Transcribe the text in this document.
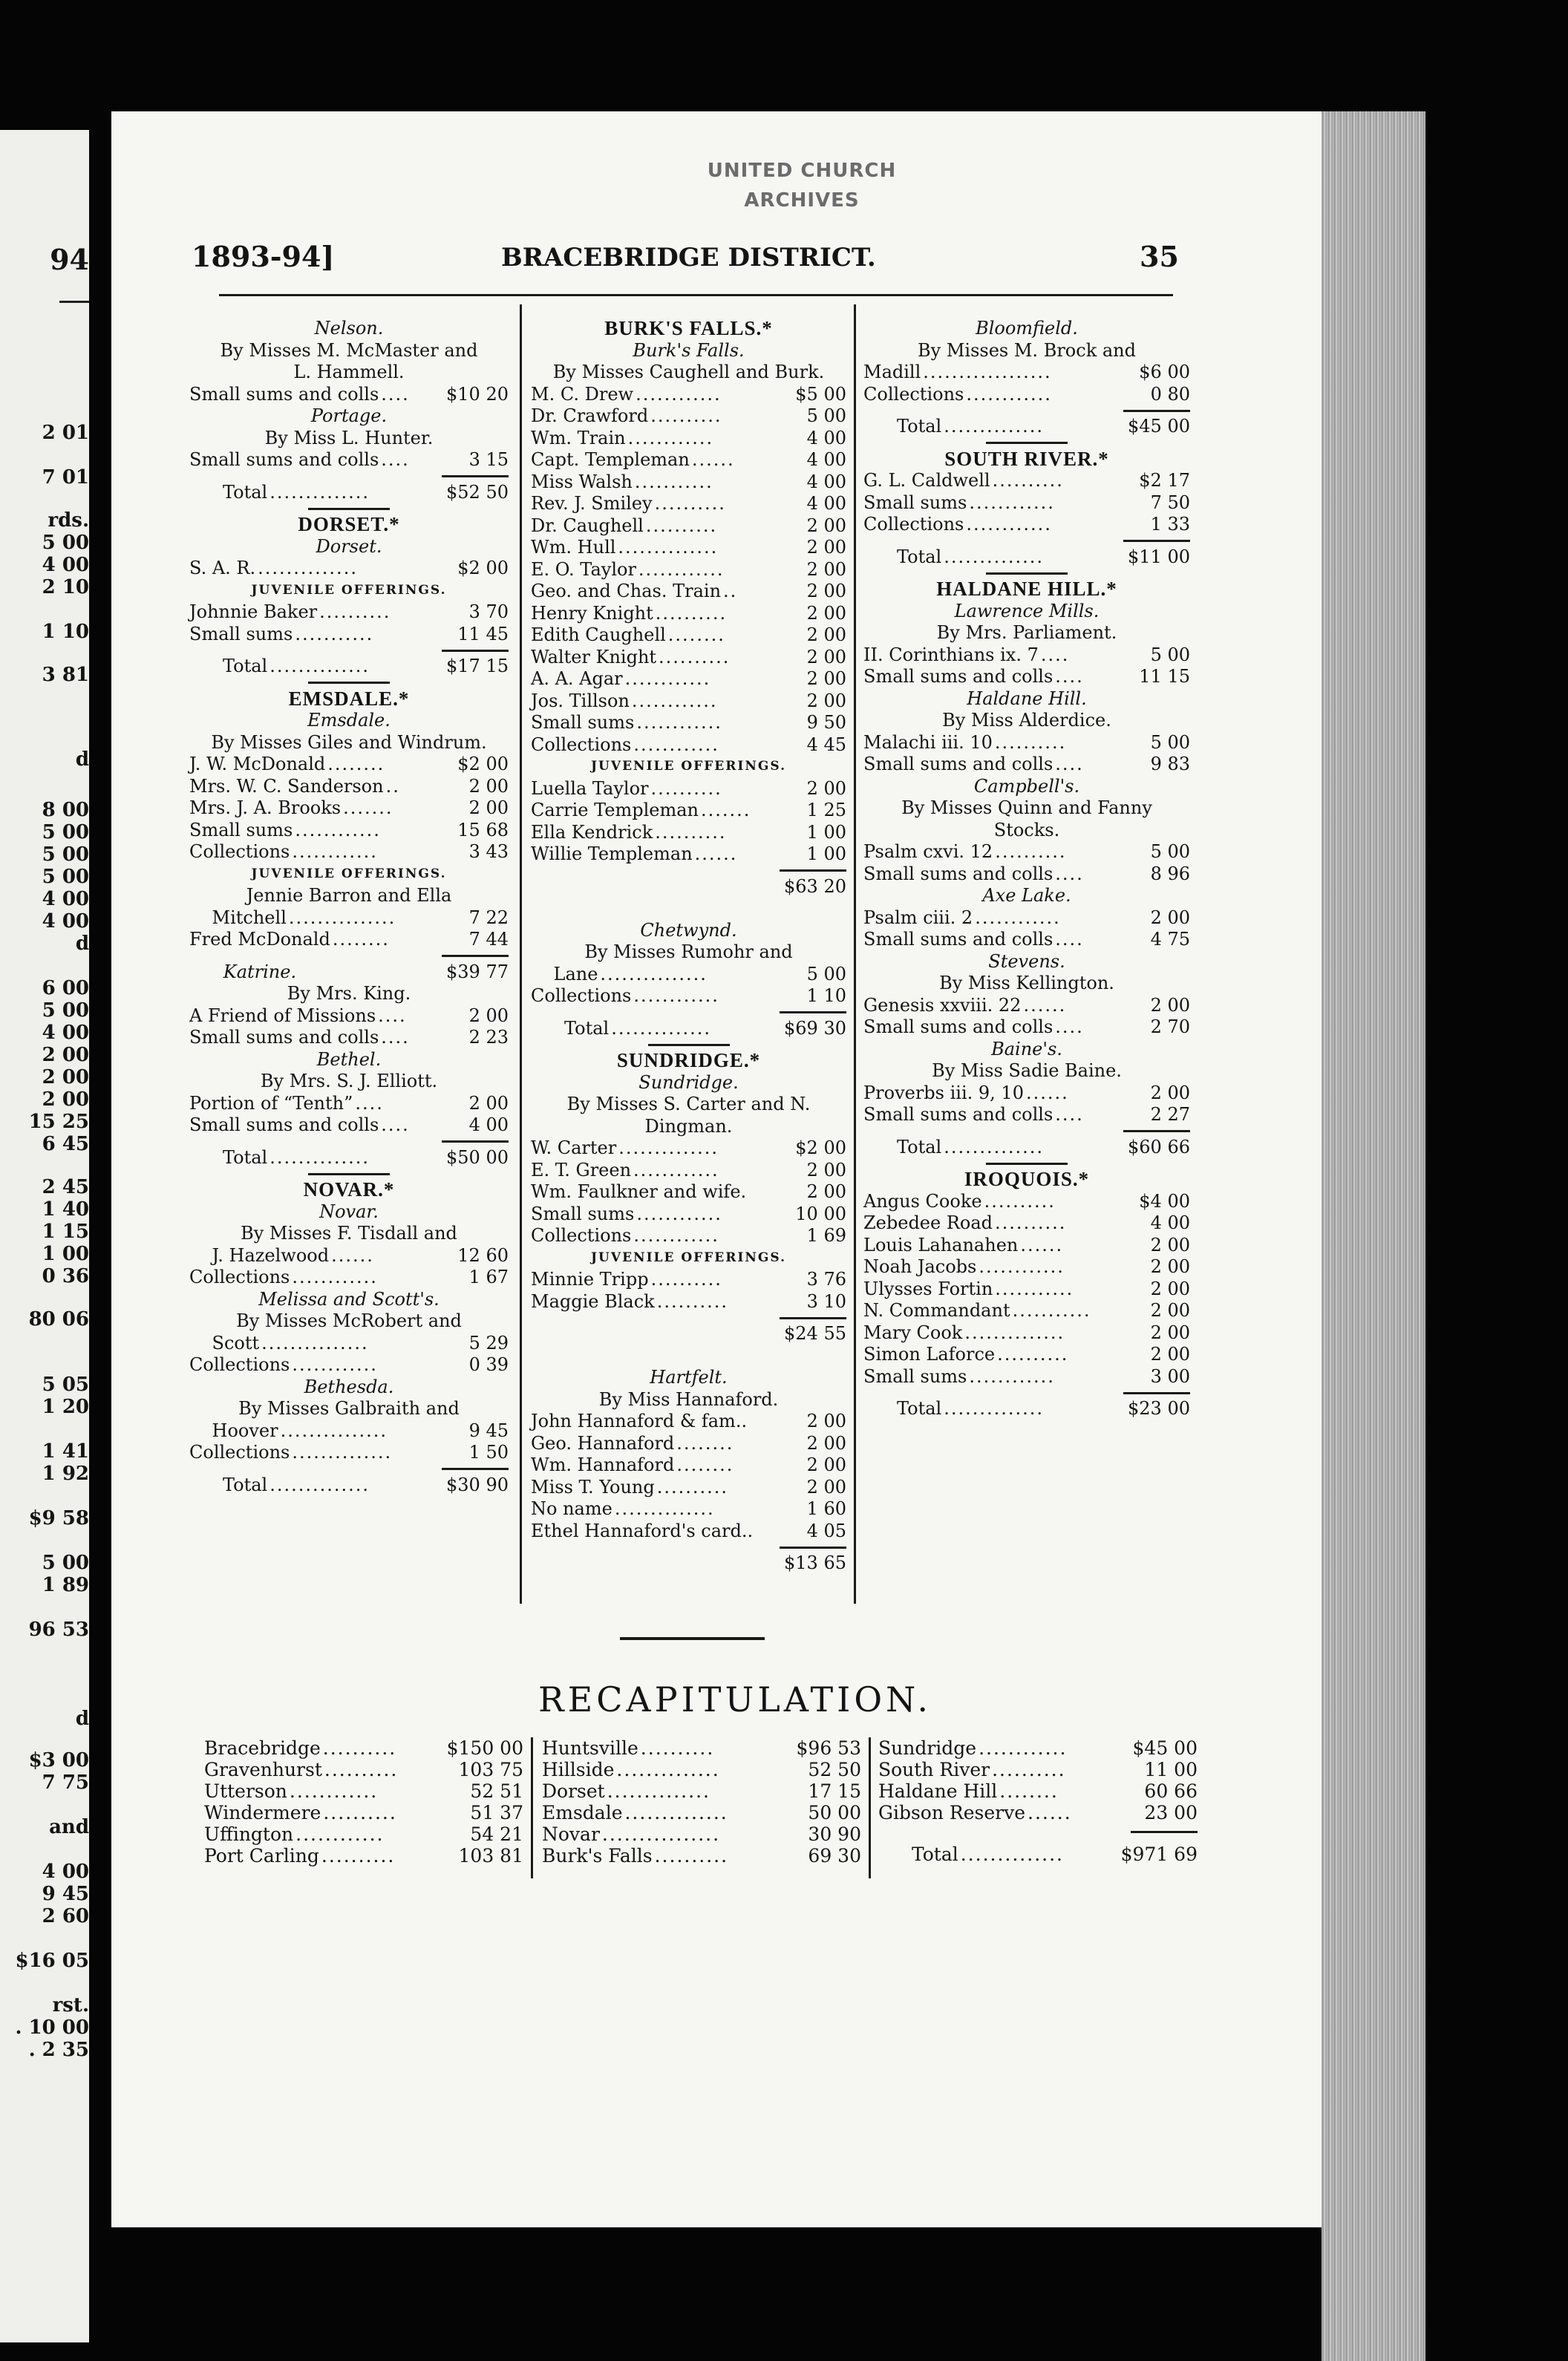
94
2 01
7 01
rds.
5 00
4 00
2 10
1 10
3 81
d
8 00
5 00
5 00
5 00
4 00
4 00
d
6 00
5 00
4 00
2 00
2 00
2 00
15 25
6 45
2 45
1 40
1 15
1 00
0 36
80 06
5 05
1 20
1 41
1 92
$9 58
5 00
1 89
96 53
d
$3 00
7 75
and
4 00
9 45
2 60
$16 05
rst.
. 10 00
. 2 35
UNITED CHURCH
ARCHIVES
1893-94]	BRACEBRIDGE DISTRICT.	35
Nelson.
By Misses M. McMaster and
L. Hammell.
Small sums and colls ....	$10 20
Portage.
By Miss L. Hunter.
Small sums and colls ....	3 15
Total ..............	$52 50
DORSET.*
Dorset.
S. A. R. ..............	$2 00
JUVENILE OFFERINGS.
Johnnie Baker ..........	3 70
Small sums ...........	11 45
Total ..............	$17 15
EMSDALE.*
Emsdale.
By Misses Giles and Windrum.
J. W. McDonald ........	$2 00
Mrs. W. C. Sanderson ..	2 00
Mrs. J. A. Brooks .......	2 00
Small sums ............	15 68
Collections ............	3 43
JUVENILE OFFERINGS.
Jennie Barron and Ella
Mitchell ...............	7 22
Fred McDonald ........	7 44
Katrine.	$39 77
By Mrs. King.
A Friend of Missions ....	2 00
Small sums and colls ....	2 23
Bethel.
By Mrs. S. J. Elliott.
Portion of “Tenth” ....	2 00
Small sums and colls ....	4 00
Total ..............	$50 00
NOVAR.*
Novar.
By Misses F. Tisdall and
J. Hazelwood ......	12 60
Collections ............	1 67
Melissa and Scott's.
By Misses McRobert and
Scott ...............	5 29
Collections ............	0 39
Bethesda.
By Misses Galbraith and
Hoover ...............	9 45
Collections ..............	1 50
Total ..............	$30 90
BURK'S FALLS.*
Burk's Falls.
By Misses Caughell and Burk.
M. C. Drew ............	$5 00
Dr. Crawford ..........	5 00
Wm. Train ............	4 00
Capt. Templeman ......	4 00
Miss Walsh ...........	4 00
Rev. J. Smiley ..........	4 00
Dr. Caughell ..........	2 00
Wm. Hull ..............	2 00
E. O. Taylor ............	2 00
Geo. and Chas. Train ..	2 00
Henry Knight ..........	2 00
Edith Caughell ........	2 00
Walter Knight ..........	2 00
A. A. Agar ............	2 00
Jos. Tillson ............	2 00
Small sums ............	9 50
Collections ............	4 45
JUVENILE OFFERINGS.
Luella Taylor ..........	2 00
Carrie Templeman .......	1 25
Ella Kendrick ..........	1 00
Willie Templeman ......	1 00
$63 20
Chetwynd.
By Misses Rumohr and
Lane ...............	5 00
Collections ............	1 10
Total ..............	$69 30
SUNDRIDGE.*
Sundridge.
By Misses S. Carter and N.
Dingman.
W. Carter ..............	$2 00
E. T. Green ............	2 00
Wm. Faulkner and wife.	2 00
Small sums ............	10 00
Collections ............	1 69
JUVENILE OFFERINGS.
Minnie Tripp ..........	3 76
Maggie Black ..........	3 10
$24 55
Hartfelt.
By Miss Hannaford.
John Hannaford & fam..	2 00
Geo. Hannaford ........	2 00
Wm. Hannaford ........	2 00
Miss T. Young ..........	2 00
No name ..............	1 60
Ethel Hannaford's card..	4 05
$13 65
Bloomfield.
By Misses M. Brock and
Madill ..................	$6 00
Collections ............	0 80
Total ..............	$45 00
SOUTH RIVER.*
G. L. Caldwell ..........	$2 17
Small sums ............	7 50
Collections ............	1 33
Total ..............	$11 00
HALDANE HILL.*
Lawrence Mills.
By Mrs. Parliament.
II. Corinthians ix. 7 ....	5 00
Small sums and colls ....	11 15
Haldane Hill.
By Miss Alderdice.
Malachi iii. 10 ..........	5 00
Small sums and colls ....	9 83
Campbell's.
By Misses Quinn and Fanny
Stocks.
Psalm cxvi. 12 ..........	5 00
Small sums and colls ....	8 96
Axe Lake.
Psalm ciii. 2 ............	2 00
Small sums and colls ....	4 75
Stevens.
By Miss Kellington.
Genesis xxviii. 22 ......	2 00
Small sums and colls ....	2 70
Baine's.
By Miss Sadie Baine.
Proverbs iii. 9, 10 ......	2 00
Small sums and colls ....	2 27
Total ..............	$60 66
IROQUOIS.*
Angus Cooke ..........	$4 00
Zebedee Road ..........	4 00
Louis Lahanahen ......	2 00
Noah Jacobs ............	2 00
Ulysses Fortin ...........	2 00
N. Commandant ...........	2 00
Mary Cook ..............	2 00
Simon Laforce ..........	2 00
Small sums ............	3 00
Total ..............	$23 00
RECAPITULATION.
Bracebridge ..........	$150 00
Gravenhurst ..........	103 75
Utterson ............	52 51
Windermere ..........	51 37
Uffington ............	54 21
Port Carling ..........	103 81
Huntsville ..........	$96 53
Hillside ..............	52 50
Dorset ..............	17 15
Emsdale ..............	50 00
Novar ................	30 90
Burk's Falls ..........	69 30
Sundridge ............	$45 00
South River ..........	11 00
Haldane Hill ........	60 66
Gibson Reserve ......	23 00
Total ..............	$971 69
